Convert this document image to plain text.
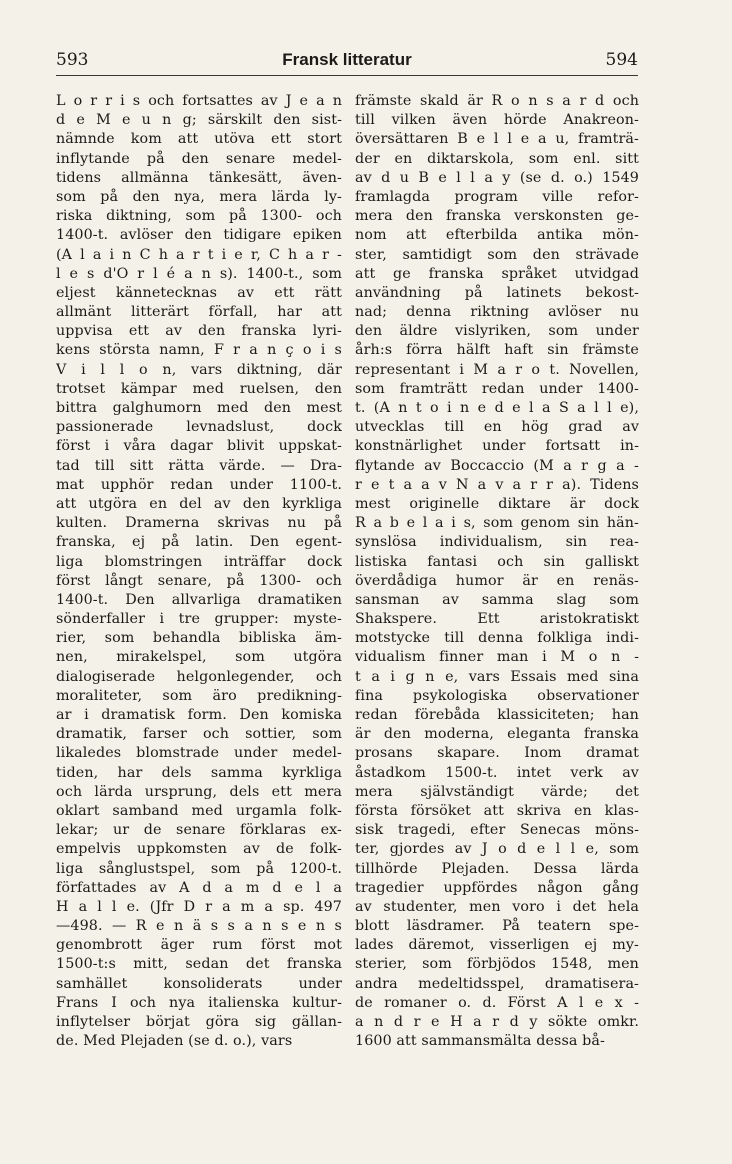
593	Fransk litteratur	594
L o r r i s och fortsattes av J e a n
d e M e u n g; särskilt den sist-
nämnde kom att utöva ett stort
inflytande på den senare medel-
tidens allmänna tänkesätt, även-
som på den nya, mera lärda ly-
riska diktning, som på 1300- och
1400-t. avlöser den tidigare epiken
(A l a i n C h a r t i e r, C h a r -
l e s d'O r l é a n s). 1400-t., som
eljest kännetecknas av ett rätt
allmänt litterärt förfall, har att
uppvisa ett av den franska lyri-
kens största namn, F r a n ç o i s
V i l l o n, vars diktning, där
trotset kämpar med ruelsen, den
bittra galghumorn med den mest
passionerade levnadslust, dock
först i våra dagar blivit uppskat-
tad till sitt rätta värde. — Dra-
mat upphör redan under 1100-t.
att utgöra en del av den kyrkliga
kulten. Dramerna skrivas nu på
franska, ej på latin. Den egent-
liga blomstringen inträffar dock
först långt senare, på 1300- och
1400-t. Den allvarliga dramatiken
sönderfaller i tre grupper: myste-
rier, som behandla bibliska äm-
nen, mirakelspel, som utgöra
dialogiserade helgonlegender, och
moraliteter, som äro predikning-
ar i dramatisk form. Den komiska
dramatik, farser och sottier, som
likaledes blomstrade under medel-
tiden, har dels samma kyrkliga
och lärda ursprung, dels ett mera
oklart samband med urgamla folk-
lekar; ur de senare förklaras ex-
empelvis uppkomsten av de folk-
liga sånglustspel, som på 1200-t.
författades av A d a m d e l a
H a l l e. (Jfr D r a m a sp. 497
—498. — R e n ä s s a n s e n s
genombrott äger rum först mot
1500-t:s mitt, sedan det franska
samhället konsoliderats under
Frans I och nya italienska kultur-
inflytelser börjat göra sig gällan-
de. Med Plejaden (se d. o.), vars
främste skald är R o n s a r d och
till vilken även hörde Anakreon-
översättaren B e l l e a u, framträ-
der en diktarskola, som enl. sitt
av d u B e l l a y (se d. o.) 1549
framlagda program ville refor-
mera den franska verskonsten ge-
nom att efterbilda antika mön-
ster, samtidigt som den strävade
att ge franska språket utvidgad
användning på latinets bekost-
nad; denna riktning avlöser nu
den äldre vislyriken, som under
årh:s förra hälft haft sin främste
representant i M a r o t. Novellen,
som framträtt redan under 1400-
t. (A n t o i n e d e l a S a l l e),
utvecklas till en hög grad av
konstnärlighet under fortsatt in-
flytande av Boccaccio (M a r g a -
r e t a a v N a v a r r a). Tidens
mest originelle diktare är dock
R a b e l a i s, som genom sin hän-
synslösa individualism, sin rea-
listiska fantasi och sin galliskt
överdådiga humor är en renäs-
sansman av samma slag som
Shakspere. Ett aristokratiskt
motstycke till denna folkliga indi-
vidualism finner man i M o n -
t a i g n e, vars Essais med sina
fina psykologiska observationer
redan förebåda klassiciteten; han
är den moderna, eleganta franska
prosans skapare. Inom dramat
åstadkom 1500-t. intet verk av
mera självständigt värde; det
första försöket att skriva en klas-
sisk tragedi, efter Senecas möns-
ter, gjordes av J o d e l l e, som
tillhörde Plejaden. Dessa lärda
tragedier uppfördes någon gång
av studenter, men voro i det hela
blott läsdramer. På teatern spe-
lades däremot, visserligen ej my-
sterier, som förbjödos 1548, men
andra medeltidsspel, dramatisera-
de romaner o. d. Först A l e x -
a n d r e H a r d y sökte omkr.
1600 att sammansmälta dessa bå-
